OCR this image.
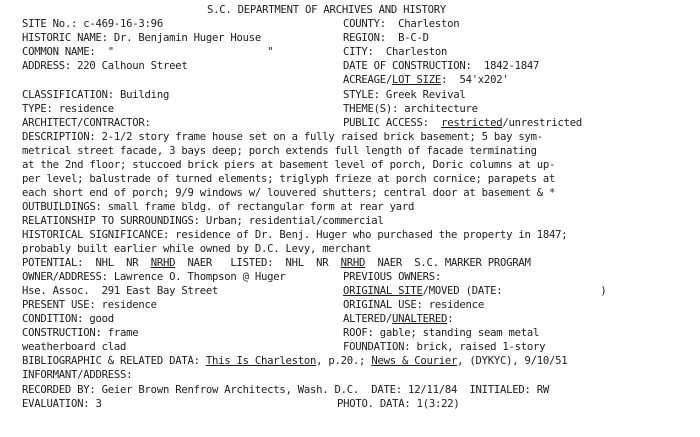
S.C. DEPARTMENT OF ARCHIVES AND HISTORY
SITE No.: c-469-16-3:96	COUNTY:  Charleston
HISTORIC NAME: Dr. Benjamin Huger House	REGION:  B-C-D
COMMON NAME:  "                         "	CITY:  Charleston
ADDRESS: 220 Calhoun Street	DATE OF CONSTRUCTION:  1842-1847
ACREAGE/LOT SIZE:  54'x202'
CLASSIFICATION: Building	STYLE: Greek Revival
TYPE: residence	THEME(S): architecture
ARCHITECT/CONTRACTOR:	PUBLIC ACCESS:  restricted/unrestricted
DESCRIPTION: 2-1/2 story frame house set on a fully raised brick basement; 5 bay sym-
metrical street facade, 3 bays deep; porch extends full length of facade terminating
at the 2nd floor; stuccoed brick piers at basement level of porch, Doric columns at up-
per level; balustrade of turned elements; triglyph frieze at porch cornice; parapets at
each short end of porch; 9/9 windows w/ louvered shutters; central door at basement & *
OUTBUILDINGS: small frame bldg. of rectangular form at rear yard
RELATIONSHIP TO SURROUNDINGS: Urban; residential/commercial
HISTORICAL SIGNIFICANCE: residence of Dr. Benj. Huger who purchased the property in 1847;
probably built earlier while owned by D.C. Levy, merchant
POTENTIAL:  NHL  NR  NRHD  NAER   LISTED:  NHL  NR  NRHD  NAER  S.C. MARKER PROGRAM
OWNER/ADDRESS: Lawrence O. Thompson @ Huger	PREVIOUS OWNERS:
Hse. Assoc.  291 East Bay Street	ORIGINAL SITE/MOVED (DATE:                )
PRESENT USE: residence	ORIGINAL USE: residence
CONDITION: good	ALTERED/UNALTERED:
CONSTRUCTION: frame	ROOF: gable; standing seam metal
weatherboard clad	FOUNDATION: brick, raised 1-story
BIBLIOGRAPHIC & RELATED DATA: This Is Charleston, p.20.; News & Courier, (DYKYC), 9/10/51
INFORMANT/ADDRESS:
RECORDED BY: Geier Brown Renfrow Architects, Wash. D.C.  DATE: 12/11/84  INITIALED: RW
EVALUATION: 3	PHOTO. DATA: 1(3:22)
